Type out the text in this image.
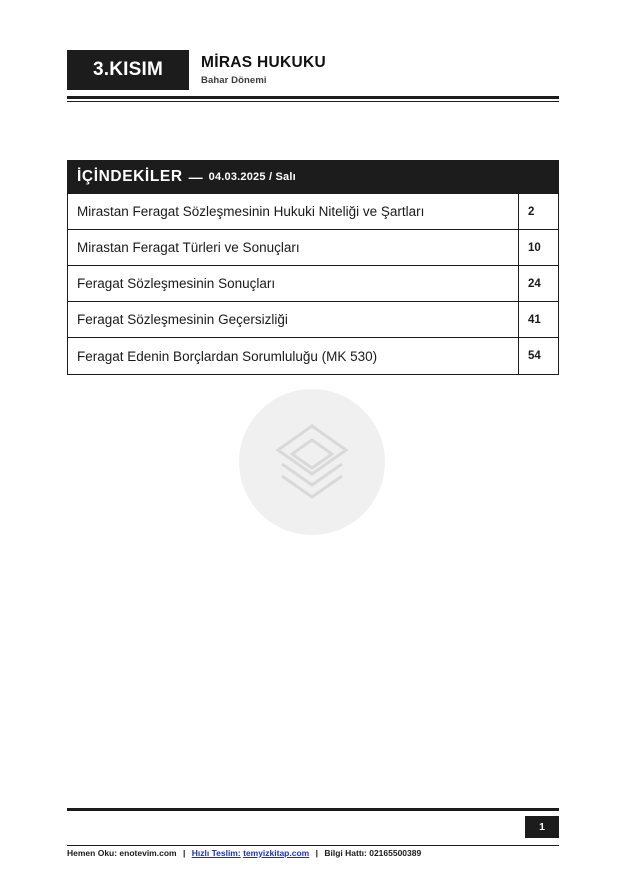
3.KISIM MİRAS HUKUKU
Bahar Dönemi
İÇİNDEKİLER — 04.03.2025 / Salı
Mirastan Feragat Sözleşmesinin Hukuki Niteliği ve Şartları	2
Mirastan Feragat Türleri ve Sonuçları	10
Feragat Sözleşmesinin Sonuçları	24
Feragat Sözleşmesinin Geçersizliği	41
Feragat Edenin Borçlardan Sorumluluğu (MK 530)	54
1
Hemen Oku: enotevim.com | Hızlı Teslim: temyizkitap.com | Bilgi Hattı: 02165500389
